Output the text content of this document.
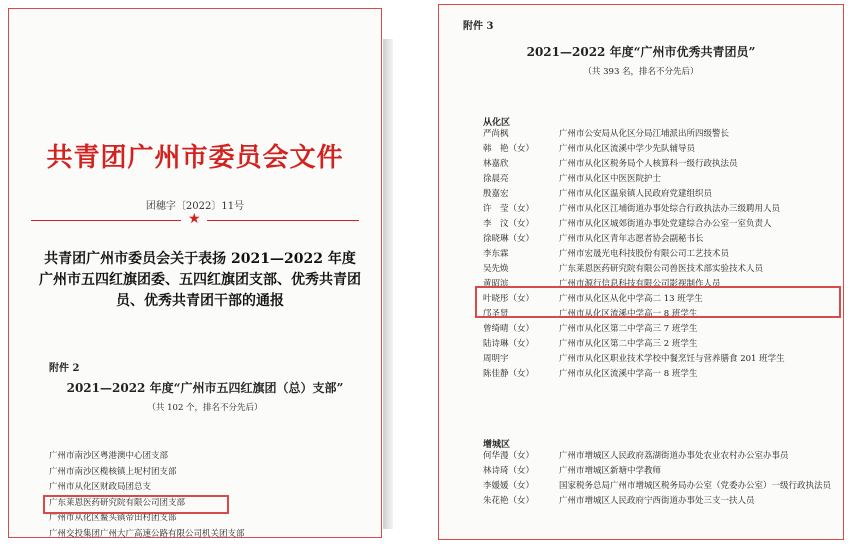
共青团广州市委员会文件
团穗字〔2022〕11号
★
共青团广州市委员会关于表扬 2021—2022 年度广州市五四红旗团委、五四红旗团支部、优秀共青团员、优秀共青团干部的通报
附件 2
2021—2022 年度“广州市五四红旗团（总）支部”
（共 102 个，排名不分先后）
广州市南沙区粤港澳中心团支部
广州市南沙区榄核镇上坭村团支部
广州市从化区财政局团总支
广东莱恩医药研究院有限公司团支部
广州市从化区鳌头镇帝田村团支部
广州交投集团广州大广高速公路有限公司机关团支部
附件 3
2021—2022 年度“广州市优秀共青团员”
（共 393 名，排名不分先后）
从化区
严尚枫	广州市公安局从化区分局江埔派出所四级警长
韩　艳（女）	广州市从化区流溪中学少先队辅导员
林嘉欣	广州市从化区税务局个人核算科一级行政执法员
徐晨亮	广州市从化区中医医院护士
殷嘉宏	广州市从化区温泉镇人民政府党建组织员
许　莹（女）	广州市从化区江埔街道办事处综合行政执法办三级聘用人员
李　汶（女）	广州市从化区城郊街道办事处党建综合办公室一室负责人
徐晓琳（女）	广州市从化区青年志愿者协会副秘书长
李东霖	广州市宏晟光电科技股份有限公司工艺技术员
吴先焕	广东莱恩医药研究院有限公司兽医技术部实验技术人员
黄昭滨	广州市源行信息科技有限公司影视制作人员
叶晓彤（女）	广州市从化区从化中学高二 13 班学生
邝圣贤	广州市从化区流溪中学高一 8 班学生
曾绮晴（女）	广州市从化区第二中学高三 7 班学生
陆诗琳（女）	广州市从化区第二中学高三 2 班学生
周明宇	广州市从化区职业技术学校中餐烹饪与营养膳食 201 班学生
陈佳静（女）	广州市从化区流溪中学高一 8 班学生
增城区
何华漫（女）	广州市增城区人民政府荔湖街道办事处农业农村办公室办事员
林诗琦（女）	广州市增城区新塘中学教师
李媛媛（女）	国家税务总局广州市增城区税务局办公室（党委办公室）一级行政执法员
朱花艳（女）	广州市增城区人民政府宁西街道办事处三支一扶人员
